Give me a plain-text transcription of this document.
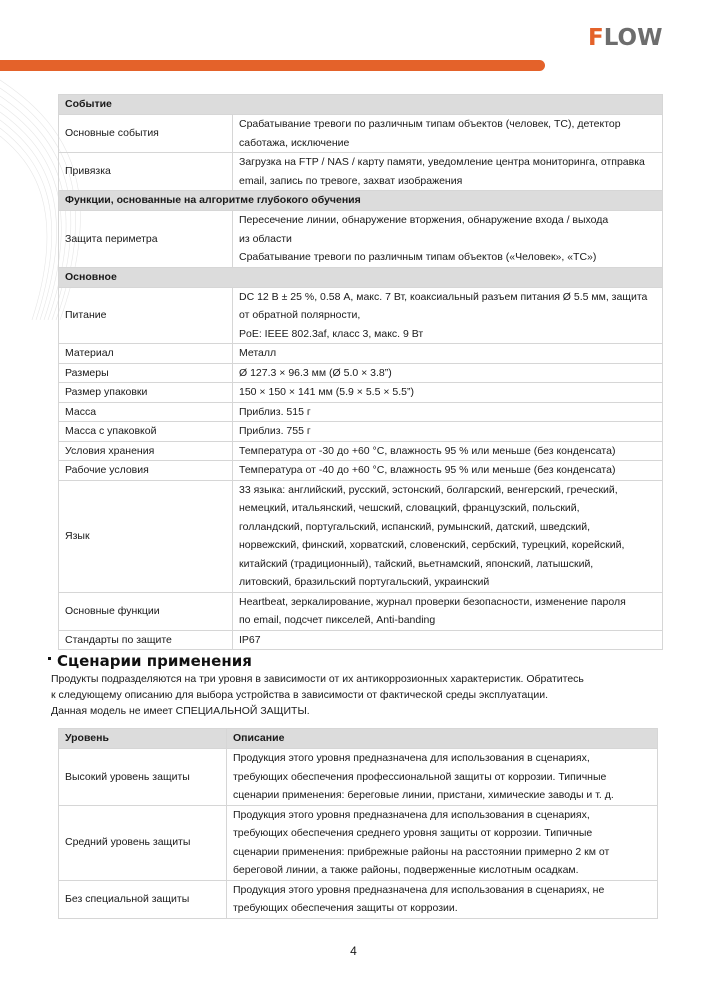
F LOW
Событие	
Основные события	Срабатывание тревоги по различным типам объектов (человек, ТС), детектор
саботажа, исключение

Привязка	Загрузка на FTP / NAS / карту памяти, уведомление центра мониторинга, отправка
email, запись по тревоге, захват изображения

Функции, основанные на алгоритме глубокого обучения	
Защита периметра	Пересечение линии, обнаружение вторжения, обнаружение входа / выхода
из области
Срабатывание тревоги по различным типам объектов («Человек», «ТС»)

Основное	
Питание	DC 12 В ± 25 %, 0.58 А, макс. 7 Вт, коаксиальный разъем питания Ø 5.5 мм, защита
от обратной полярности,
PoE: IEEE 802.3af, класс 3, макс. 9 Вт

Материал	Металл

Размеры	Ø 127.3 × 96.3 мм (Ø 5.0 × 3.8”)

Размер упаковки	150 × 150 × 141 мм (5.9 × 5.5 × 5.5”)

Масса	Приблиз. 515 г

Масса с упаковкой	Приблиз. 755 г

Условия хранения	Температура от -30 до +60 °C, влажность 95 % или меньше (без конденсата)

Рабочие условия	Температура от -40 до +60 °C, влажность 95 % или меньше (без конденсата)

Язык	
33 языка: английский, русский, эстонский, болгарский, венгерский, греческий,
немецкий, итальянский, чешский, словацкий, французский, польский,
голландский, португальский, испанский, румынский, датский, шведский,
норвежский, финский, хорватский, словенский, сербский, турецкий, корейский,
китайский (традиционный), тайский, вьетнамский, японский, латышский,
литовский, бразильский португальский, украинский

Основные функции	Heartbeat, зеркалирование, журнал проверки безопасности, изменение пароля
по email, подсчет пикселей, Anti-banding

Стандарты по защите	IP67
Сценарии применения
Продукты подразделяются на три уровня в зависимости от их антикоррозионных характеристик. Обратитесь
к следующему описанию для выбора устройства в зависимости от фактической среды эксплуатации.
Данная модель не имеет СПЕЦИАЛЬНОЙ ЗАЩИТЫ.
Уровень	Описание
Высокий уровень защиты	Продукция этого уровня предназначена для использования в сценариях,
требующих обеспечения профессиональной защиты от коррозии. Типичные
сценарии применения: береговые линии, пристани, химические заводы и т. д.

Средний уровень защиты	Продукция этого уровня предназначена для использования в сценариях,
требующих обеспечения среднего уровня защиты от коррозии. Типичные
сценарии применения: прибрежные районы на расстоянии примерно 2 км от
береговой линии, а также районы, подверженные кислотным осадкам.

Без специальной защиты	Продукция этого уровня предназначена для использования в сценариях, не
требующих обеспечения защиты от коррозии.
4
